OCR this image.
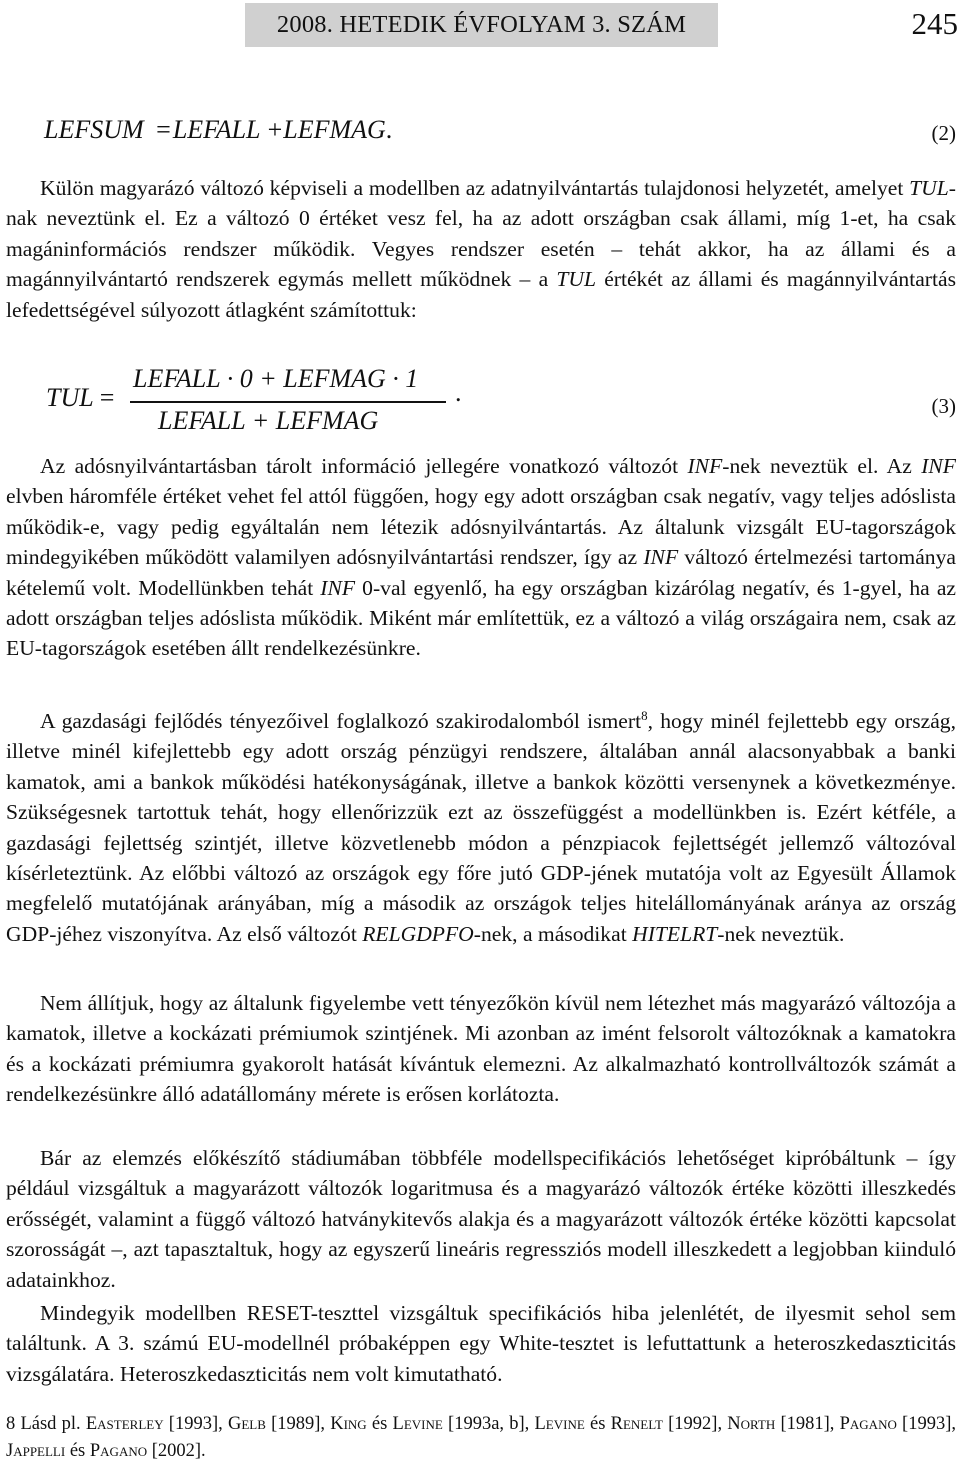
2008. HETEDIK ÉVFOLYAM 3. SZÁM	245
LEFSUM =LEFALL +LEFMAG.	(2)

Külön magyarázó változó képviseli a modellben az adatnyilvántartás tulajdonosi helyzetét, amelyet TUL-nak neveztünk el. Ez a változó 0 értéket vesz fel, ha az adott országban csak állami, míg 1-et, ha csak magáninformációs rendszer működik. Vegyes rendszer esetén – tehát akkor, ha az állami és a magánnyilvántartó rendszerek egymás mellett működnek – a TUL értékét az állami és magánnyilvántartás lefedettségével súlyozott átlagként számítottuk:

TUL =
LEFALL · 0 + LEFMAG · 1
LEFALL + LEFMAG
.	(3)

Az adósnyilvántartásban tárolt információ jellegére vonatkozó változót INF-nek neveztük el. Az INF elvben háromféle értéket vehet fel attól függően, hogy egy adott országban csak negatív, vagy teljes adóslista működik-e, vagy pedig egyáltalán nem létezik adósnyilvántartás. Az általunk vizsgált EU-tagországok mindegyikében működött valamilyen adósnyilvántartási rendszer, így az INF változó értelmezési tartománya kételemű volt. Modellünkben tehát INF 0-val egyenlő, ha egy országban kizárólag negatív, és 1-gyel, ha az adott országban teljes adóslista működik. Miként már említettük, ez a változó a világ országaira nem, csak az EU-tagországok esetében állt rendelkezésünkre.

A gazdasági fejlődés tényezőivel foglalkozó szakirodalomból ismert$^8$, hogy minél fejlettebb egy ország, illetve minél kifejlettebb egy adott ország pénzügyi rendszere, általában annál alacsonyabbak a banki kamatok, ami a bankok működési hatékonyságának, illetve a bankok közötti versenynek a következménye. Szükségesnek tartottuk tehát, hogy ellenőrizzük ezt az összefüggést a modellünkben is. Ezért kétféle, a gazdasági fejlettség szintjét, illetve közvetlenebb módon a pénzpiacok fejlettségét jellemző változóval kísérleteztünk. Az előbbi változó az országok egy főre jutó GDP-jének mutatója volt az Egyesült Államok megfelelő mutatójának arányában, míg a második az országok teljes hitelállományának aránya az ország GDP-jéhez viszonyítva. Az első változót RELGDPFO-nek, a másodikat HITELRT-nek neveztük.

Nem állítjuk, hogy az általunk figyelembe vett tényezőkön kívül nem létezhet más magyarázó változója a kamatok, illetve a kockázati prémiumok szintjének. Mi azonban az imént felsorolt változóknak a kamatokra és a kockázati prémiumra gyakorolt hatását kívántuk elemezni. Az alkalmazható kontrollváltozók számát a rendelkezésünkre álló adatállomány mérete is erősen korlátozta.

Bár az elemzés előkészítő stádiumában többféle modellspecifikációs lehetőséget kipróbáltunk – így például vizsgáltuk a magyarázott változók logaritmusa és a magyarázó változók értéke közötti illeszkedés erősségét, valamint a függő változó hatványkitevős alakja és a magyarázott változók értéke közötti kapcsolat szorosságát –, azt tapasztaltuk, hogy az egyszerű lineáris regressziós modell illeszkedett a legjobban kiinduló adatainkhoz.

Mindegyik modellben RESET-teszttel vizsgáltuk specifikációs hiba jelenlétét, de ilyesmit sehol sem találtunk. A 3. számú EU-modellnél próbaképpen egy White-tesztet is lefuttattunk a heteroszkedaszticitás vizsgálatára. Heteroszkedaszticitás nem volt kimutatható.

8 Lásd pl. Easterley [1993], Gelb [1989], King és Levine [1993a, b], Levine és Renelt [1992], North [1981], Pagano [1993], Jappelli és Pagano [2002].
